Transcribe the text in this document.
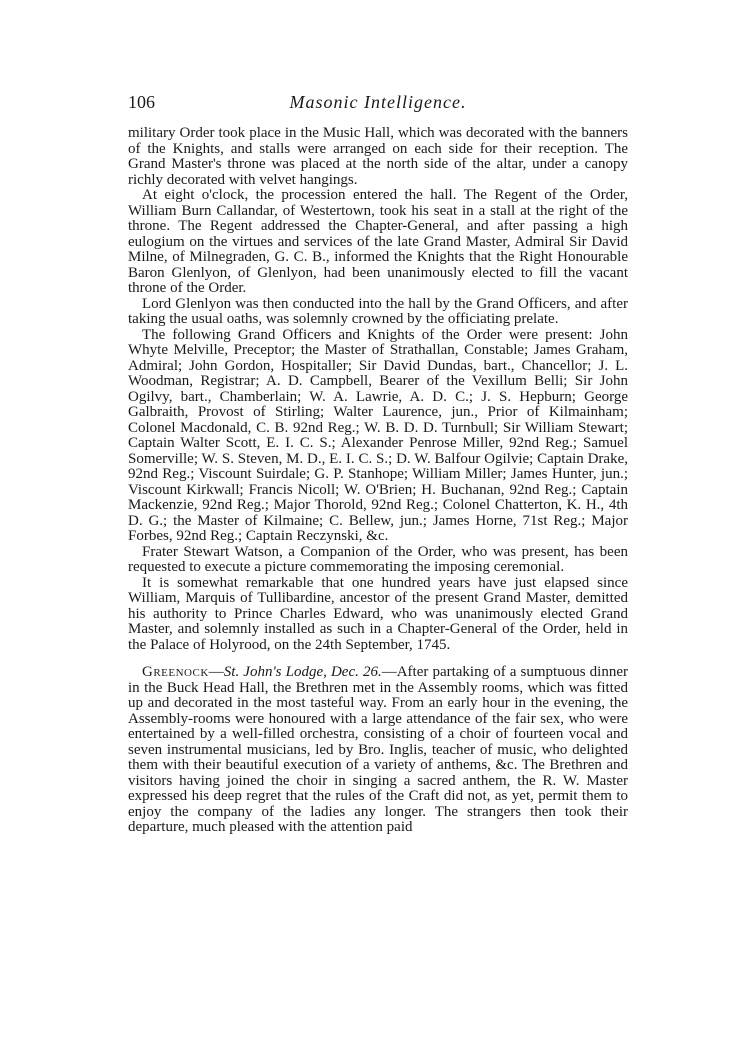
106	Masonic Intelligence.

military Order took place in the Music Hall, which was decorated with the banners of the Knights, and stalls were arranged on each side for their reception. The Grand Master's throne was placed at the north side of the altar, under a canopy richly decorated with velvet hangings.

At eight o'clock, the procession entered the hall. The Regent of the Order, William Burn Callandar, of Westertown, took his seat in a stall at the right of the throne. The Regent addressed the Chapter-General, and after passing a high eulogium on the virtues and services of the late Grand Master, Admiral Sir David Milne, of Milnegraden, G. C. B., informed the Knights that the Right Honourable Baron Glenlyon, of Glenlyon, had been unanimously elected to fill the vacant throne of the Order.

Lord Glenlyon was then conducted into the hall by the Grand Officers, and after taking the usual oaths, was solemnly crowned by the officiating prelate.

The following Grand Officers and Knights of the Order were present: John Whyte Melville, Preceptor; the Master of Strathallan, Constable; James Graham, Admiral; John Gordon, Hospitaller; Sir David Dundas, bart., Chancellor; J. L. Woodman, Registrar; A. D. Campbell, Bearer of the Vexillum Belli; Sir John Ogilvy, bart., Chamberlain; W. A. Lawrie, A. D. C.; J. S. Hepburn; George Galbraith, Provost of Stirling; Walter Laurence, jun., Prior of Kilmainham; Colonel Macdonald, C. B. 92nd Reg.; W. B. D. D. Turnbull; Sir William Stewart; Captain Walter Scott, E. I. C. S.; Alexander Penrose Miller, 92nd Reg.; Samuel Somerville; W. S. Steven, M. D., E. I. C. S.; D. W. Balfour Ogilvie; Captain Drake, 92nd Reg.; Viscount Suirdale; G. P. Stanhope; William Miller; James Hunter, jun.; Viscount Kirkwall; Francis Nicoll; W. O'Brien; H. Buchanan, 92nd Reg.; Captain Mackenzie, 92nd Reg.; Major Thorold, 92nd Reg.; Colonel Chatterton, K. H., 4th D. G.; the Master of Kilmaine; C. Bellew, jun.; James Horne, 71st Reg.; Major Forbes, 92nd Reg.; Captain Reczynski, &c.

Frater Stewart Watson, a Companion of the Order, who was present, has been requested to execute a picture commemorating the imposing ceremonial.

It is somewhat remarkable that one hundred years have just elapsed since William, Marquis of Tullibardine, ancestor of the present Grand Master, demitted his authority to Prince Charles Edward, who was unanimously elected Grand Master, and solemnly installed as such in a Chapter-General of the Order, held in the Palace of Holyrood, on the 24th September, 1745.

Greenock—St. John's Lodge, Dec. 26.—After partaking of a sumptuous dinner in the Buck Head Hall, the Brethren met in the Assembly rooms, which was fitted up and decorated in the most tasteful way. From an early hour in the evening, the Assembly-rooms were honoured with a large attendance of the fair sex, who were entertained by a well-filled orchestra, consisting of a choir of fourteen vocal and seven instrumental musicians, led by Bro. Inglis, teacher of music, who delighted them with their beautiful execution of a variety of anthems, &c. The Brethren and visitors having joined the choir in singing a sacred anthem, the R. W. Master expressed his deep regret that the rules of the Craft did not, as yet, permit them to enjoy the company of the ladies any longer. The strangers then took their departure, much pleased with the attention paid
